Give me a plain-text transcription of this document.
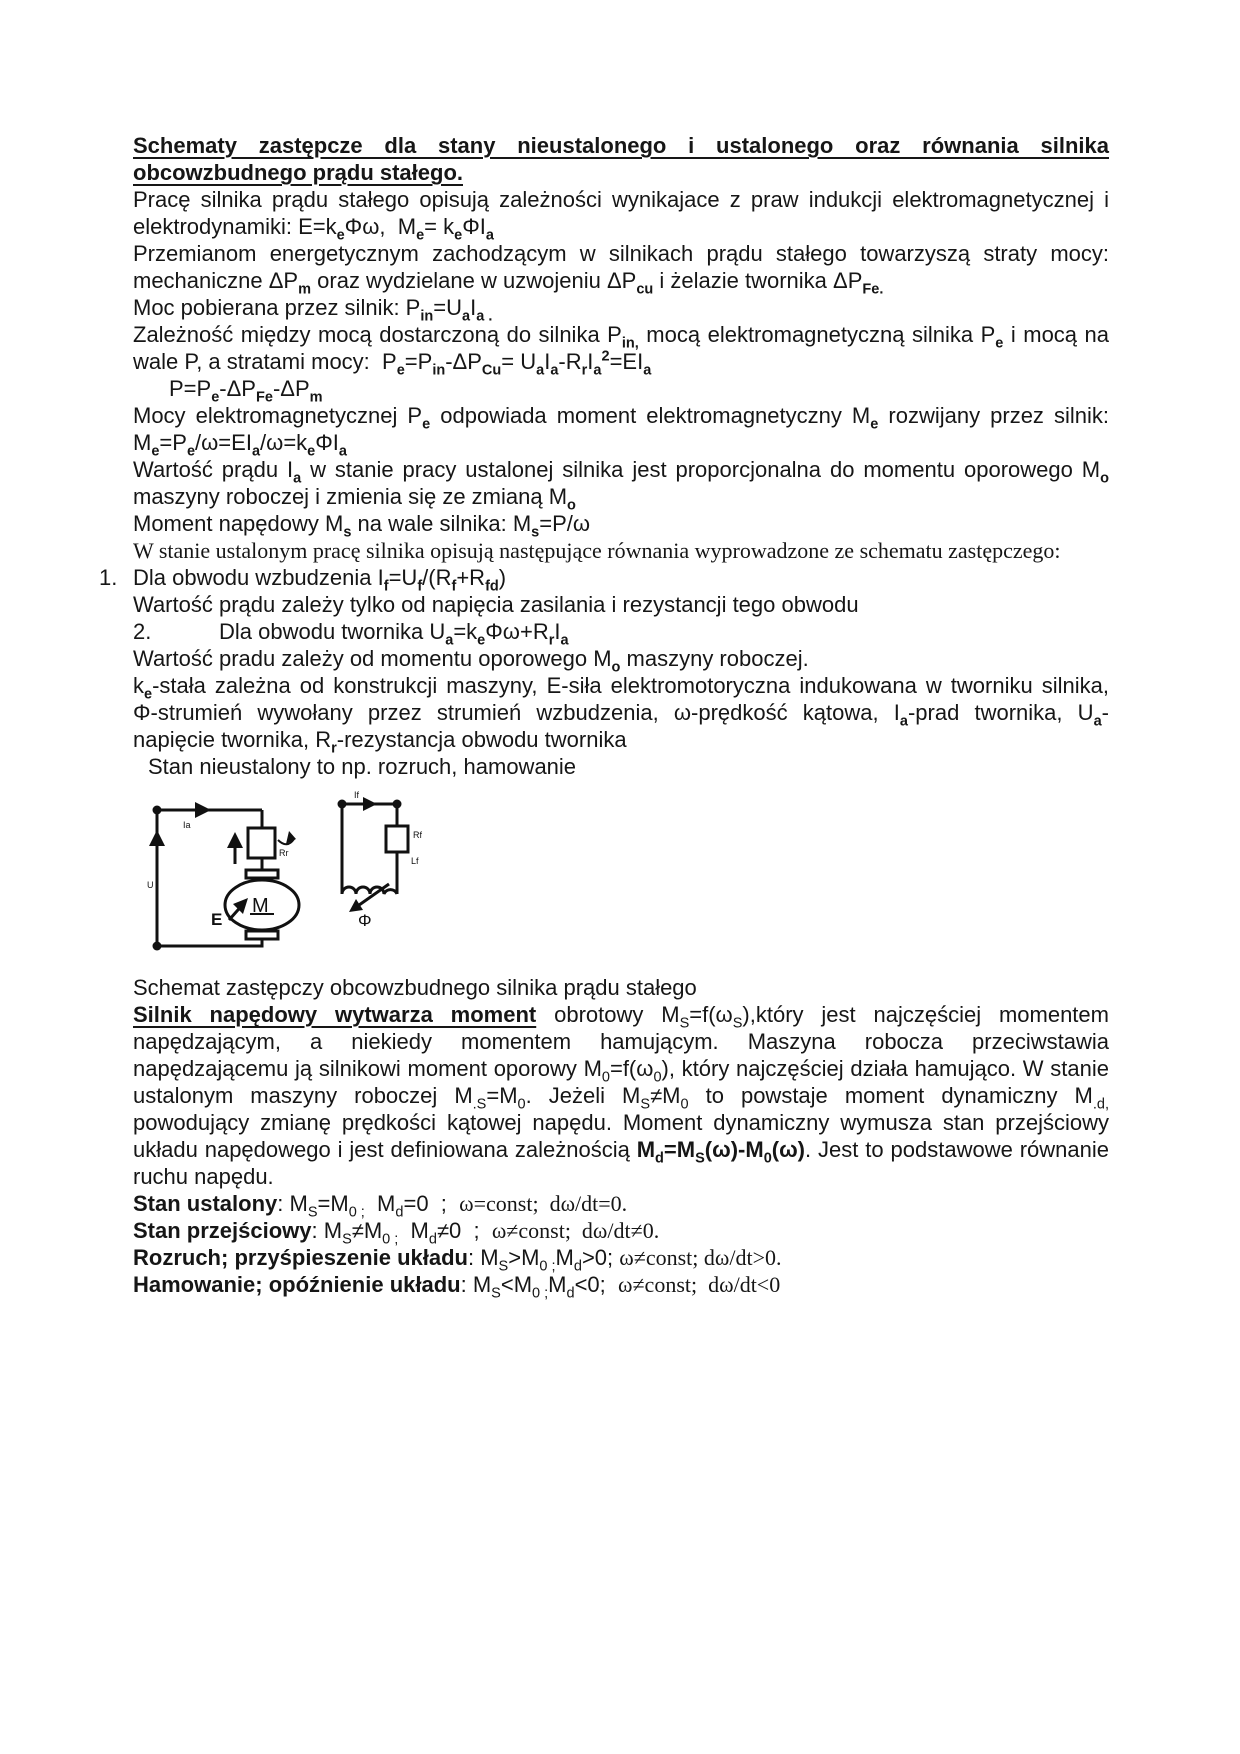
Schematy zastępcze dla stany nieustalonego i ustalonego oraz równania silnika obcowzbudnego prądu stałego.

Pracę silnika prądu stałego opisują zależności wynikajace z praw indukcji elektromagnetycznej i elektrodynamiki: $E=k_e\Phi\omega$,  $M_e= k_e\Phi I_a$

Przemianom energetycznym zachodzącym w silnikach prądu stałego towarzyszą straty mocy: mechaniczne $\Delta P_m$ oraz wydzielane w uzwojeniu $\Delta P_{cu}$ i żelazie twornika $\Delta P_{Fe.}$

Moc pobierana przez silnik: $P_{in}=U_aI_a$ $_.$

Zależność między mocą dostarczoną do silnika $P_{in,}$ mocą elektromagnetyczną silnika $P_e$ i mocą na wale P, a stratami mocy:  $P_e=P_{in}-\Delta P_{Cu}= U_aI_a-R_rI_a^2=EI_a$

$P=P_e-\Delta P_{Fe}-\Delta P_m$

Mocy elektromagnetycznej $P_e$ odpowiada moment elektromagnetyczny $M_e$ rozwijany przez silnik: $M_e=P_e/\omega=EI_a/\omega=k_e\Phi I_a$

Wartość prądu $I_a$ w stanie pracy ustalonej silnika jest proporcjonalna do momentu oporowego $M_o$ maszyny roboczej i zmienia się ze zmianą $M_o$

Moment napędowy $M_s$ na wale silnika: $M_s=P/\omega$

W stanie ustalonym pracę silnika opisują następujące równania wyprowadzone ze schematu zastępczego:

1. Dla obwodu wzbudzenia $I_f=U_f/(R_f+R_{fd})$

Wartość prądu zależy tylko od napięcia zasilania i rezystancji tego obwodu

2.	Dla obwodu twornika $U_a=k_e\Phi\omega+R_rI_a$

Wartość pradu zależy od momentu oporowego $M_o$ maszyny roboczej.

$k_e$-stała zależna od konstrukcji maszyny, E-siła elektromotoryczna indukowana w tworniku silnika, Φ-strumień wywołany przez strumień wzbudzenia, ω-prędkość kątowa, $I_a$-prad twornika, $U_a$-napięcie twornika, $R_r$-rezystancja obwodu twornika

Stan nieustalony to np. rozruch, hamowanie

E
M
Φ
Ia
U
Rr
If
Rf
Lf

Schemat zastępczy obcowzbudnego silnika prądu stałego

Silnik napędowy wytwarza moment obrotowy $M_S=f(\omega_S),który$ jest najczęściej momentem napędzającym, a niekiedy momentem hamującym. Maszyna robocza przeciwstawia napędzającemu ją silnikowi moment oporowy $M_0=f(\omega_0)$, który najczęściej działa hamująco. W stanie ustalonym maszyny roboczej $M_{.S}=M_0$. Jeżeli $M_S\ne M_0$ to powstaje moment dynamiczny $M_{.d,}$ powodujący zmianę prędkości kątowej napędu. Moment dynamiczny wymusza stan przejściowy układu napędowego i jest definiowana zależnością $M_d=M_S(\omega)-M_0(\omega)$. Jest to podstawowe równanie ruchu napędu.

Stan ustalony: $M_S=M_{0 ;}$  $M_d=0$  ;  ω=const;  dω/dt=0.

Stan przejściowy: $M_S\ne M_{0 ;}$  $M_d\ne 0$  ;  ω≠const;  dω/dt≠0.

Rozruch; przyśpieszenie układu: $M_S>M_{0 ;}M_d>0$; ω≠const; dω/dt>0.

Hamowanie; opóźnienie układu: $M_S<M_{0 ;}M_d<0$;  ω≠const;  dω/dt<0
